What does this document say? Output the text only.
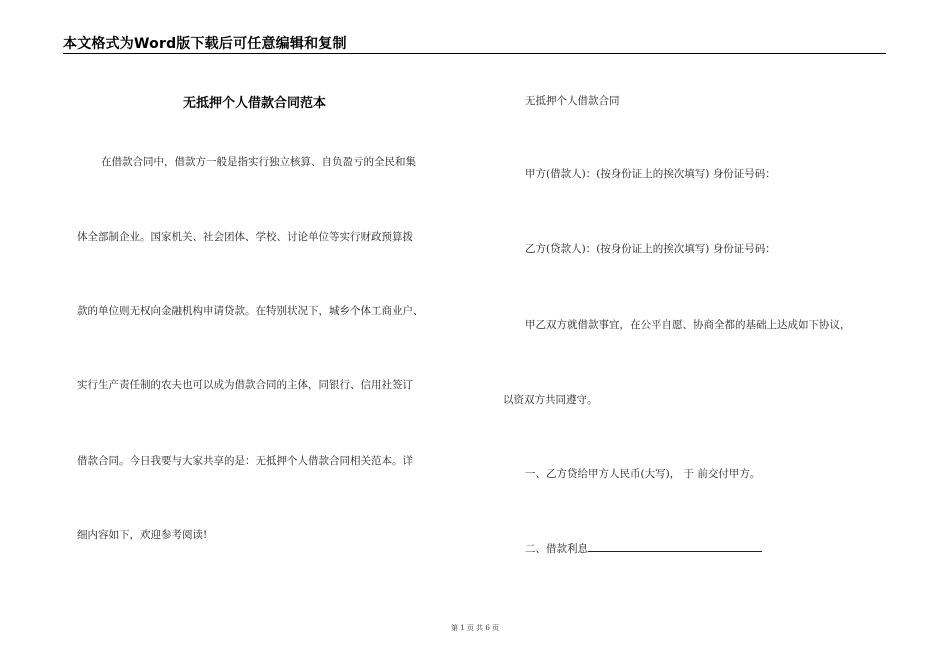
本文格式为Word版下载后可任意编辑和复制
无抵押个人借款合同范本
在借款合同中，借款方一般是指实行独立核算、自负盈亏的全民和集
体全部制企业。国家机关、社会团体、学校、讨论单位等实行财政预算拨
款的单位则无权向金融机构申请贷款。在特别状况下，城乡个体工商业户、
实行生产责任制的农夫也可以成为借款合同的主体，同银行、信用社签订
借款合同。今日我要与大家共享的是：无抵押个人借款合同相关范本。详
细内容如下，欢迎参考阅读!
无抵押个人借款合同
甲方(借款人)：(按身份证上的挨次填写) 身份证号码：
乙方(贷款人)：(按身份证上的挨次填写) 身份证号码：
甲乙双方就借款事宜，在公平自愿、协商全都的基础上达成如下协议，
以资双方共同遵守。
一、乙方贷给甲方人民币(大写)， 于 前交付甲方。
二、借款利息
第 1 页 共 6 页
